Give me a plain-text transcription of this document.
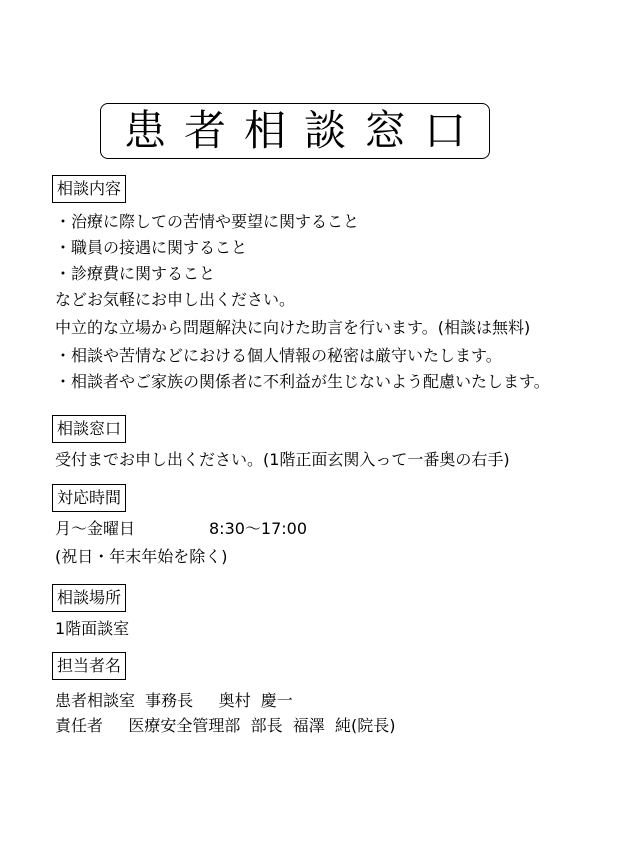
患者相談窓口
相談内容
・治療に際しての苦情や要望に関すること
・職員の接遇に関すること
・診療費に関すること
などお気軽にお申し出ください。
中立的な立場から問題解決に向けた助言を行います。(相談は無料)
・相談や苦情などにおける個人情報の秘密は厳守いたします。
・相談者やご家族の関係者に不利益が生じないよう配慮いたします。
相談窓口
受付までお申し出ください。(1階正面玄関入って一番奥の右手)
対応時間
月～金曜日	8:30～17:00
(祝日・年末年始を除く)
相談場所
1階面談室
担当者名
患者相談室  事務長     奥村  慶一
責任者     医療安全管理部  部長  福澤  純(院長)
